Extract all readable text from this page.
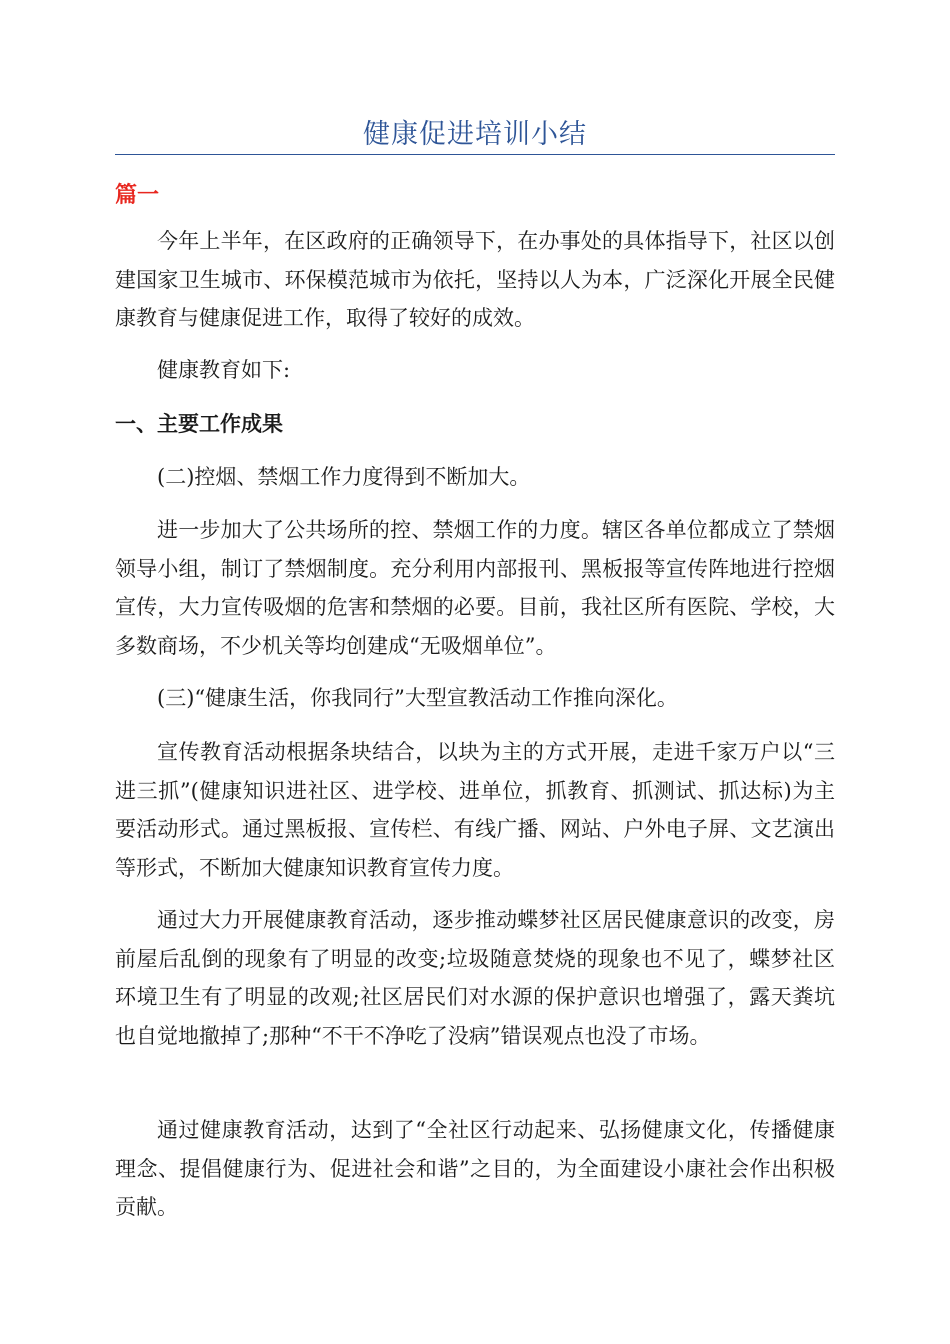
健康促进培训小结
篇一
今年上半年，在区政府的正确领导下，在办事处的具体指导下，社区以创建国家卫生城市、环保模范城市为依托，坚持以人为本，广泛深化开展全民健康教育与健康促进工作，取得了较好的成效。
健康教育如下:
一、主要工作成果
(二)控烟、禁烟工作力度得到不断加大。
进一步加大了公共场所的控、禁烟工作的力度。辖区各单位都成立了禁烟领导小组，制订了禁烟制度。充分利用内部报刊、黑板报等宣传阵地进行控烟宣传，大力宣传吸烟的危害和禁烟的必要。目前，我社区所有医院、学校，大多数商场，不少机关等均创建成“无吸烟单位”。
(三)“健康生活，你我同行”大型宣教活动工作推向深化。
宣传教育活动根据条块结合，以块为主的方式开展，走进千家万户以“三进三抓”(健康知识进社区、进学校、进单位，抓教育、抓测试、抓达标)为主要活动形式。通过黑板报、宣传栏、有线广播、网站、户外电子屏、文艺演出等形式，不断加大健康知识教育宣传力度。
通过大力开展健康教育活动，逐步推动蝶梦社区居民健康意识的改变，房前屋后乱倒的现象有了明显的改变;垃圾随意焚烧的现象也不见了，蝶梦社区环境卫生有了明显的改观;社区居民们对水源的保护意识也增强了，露天粪坑也自觉地撤掉了;那种“不干不净吃了没病”错误观点也没了市场。
通过健康教育活动，达到了“全社区行动起来、弘扬健康文化，传播健康理念、提倡健康行为、促进社会和谐”之目的，为全面建设小康社会作出积极贡献。
